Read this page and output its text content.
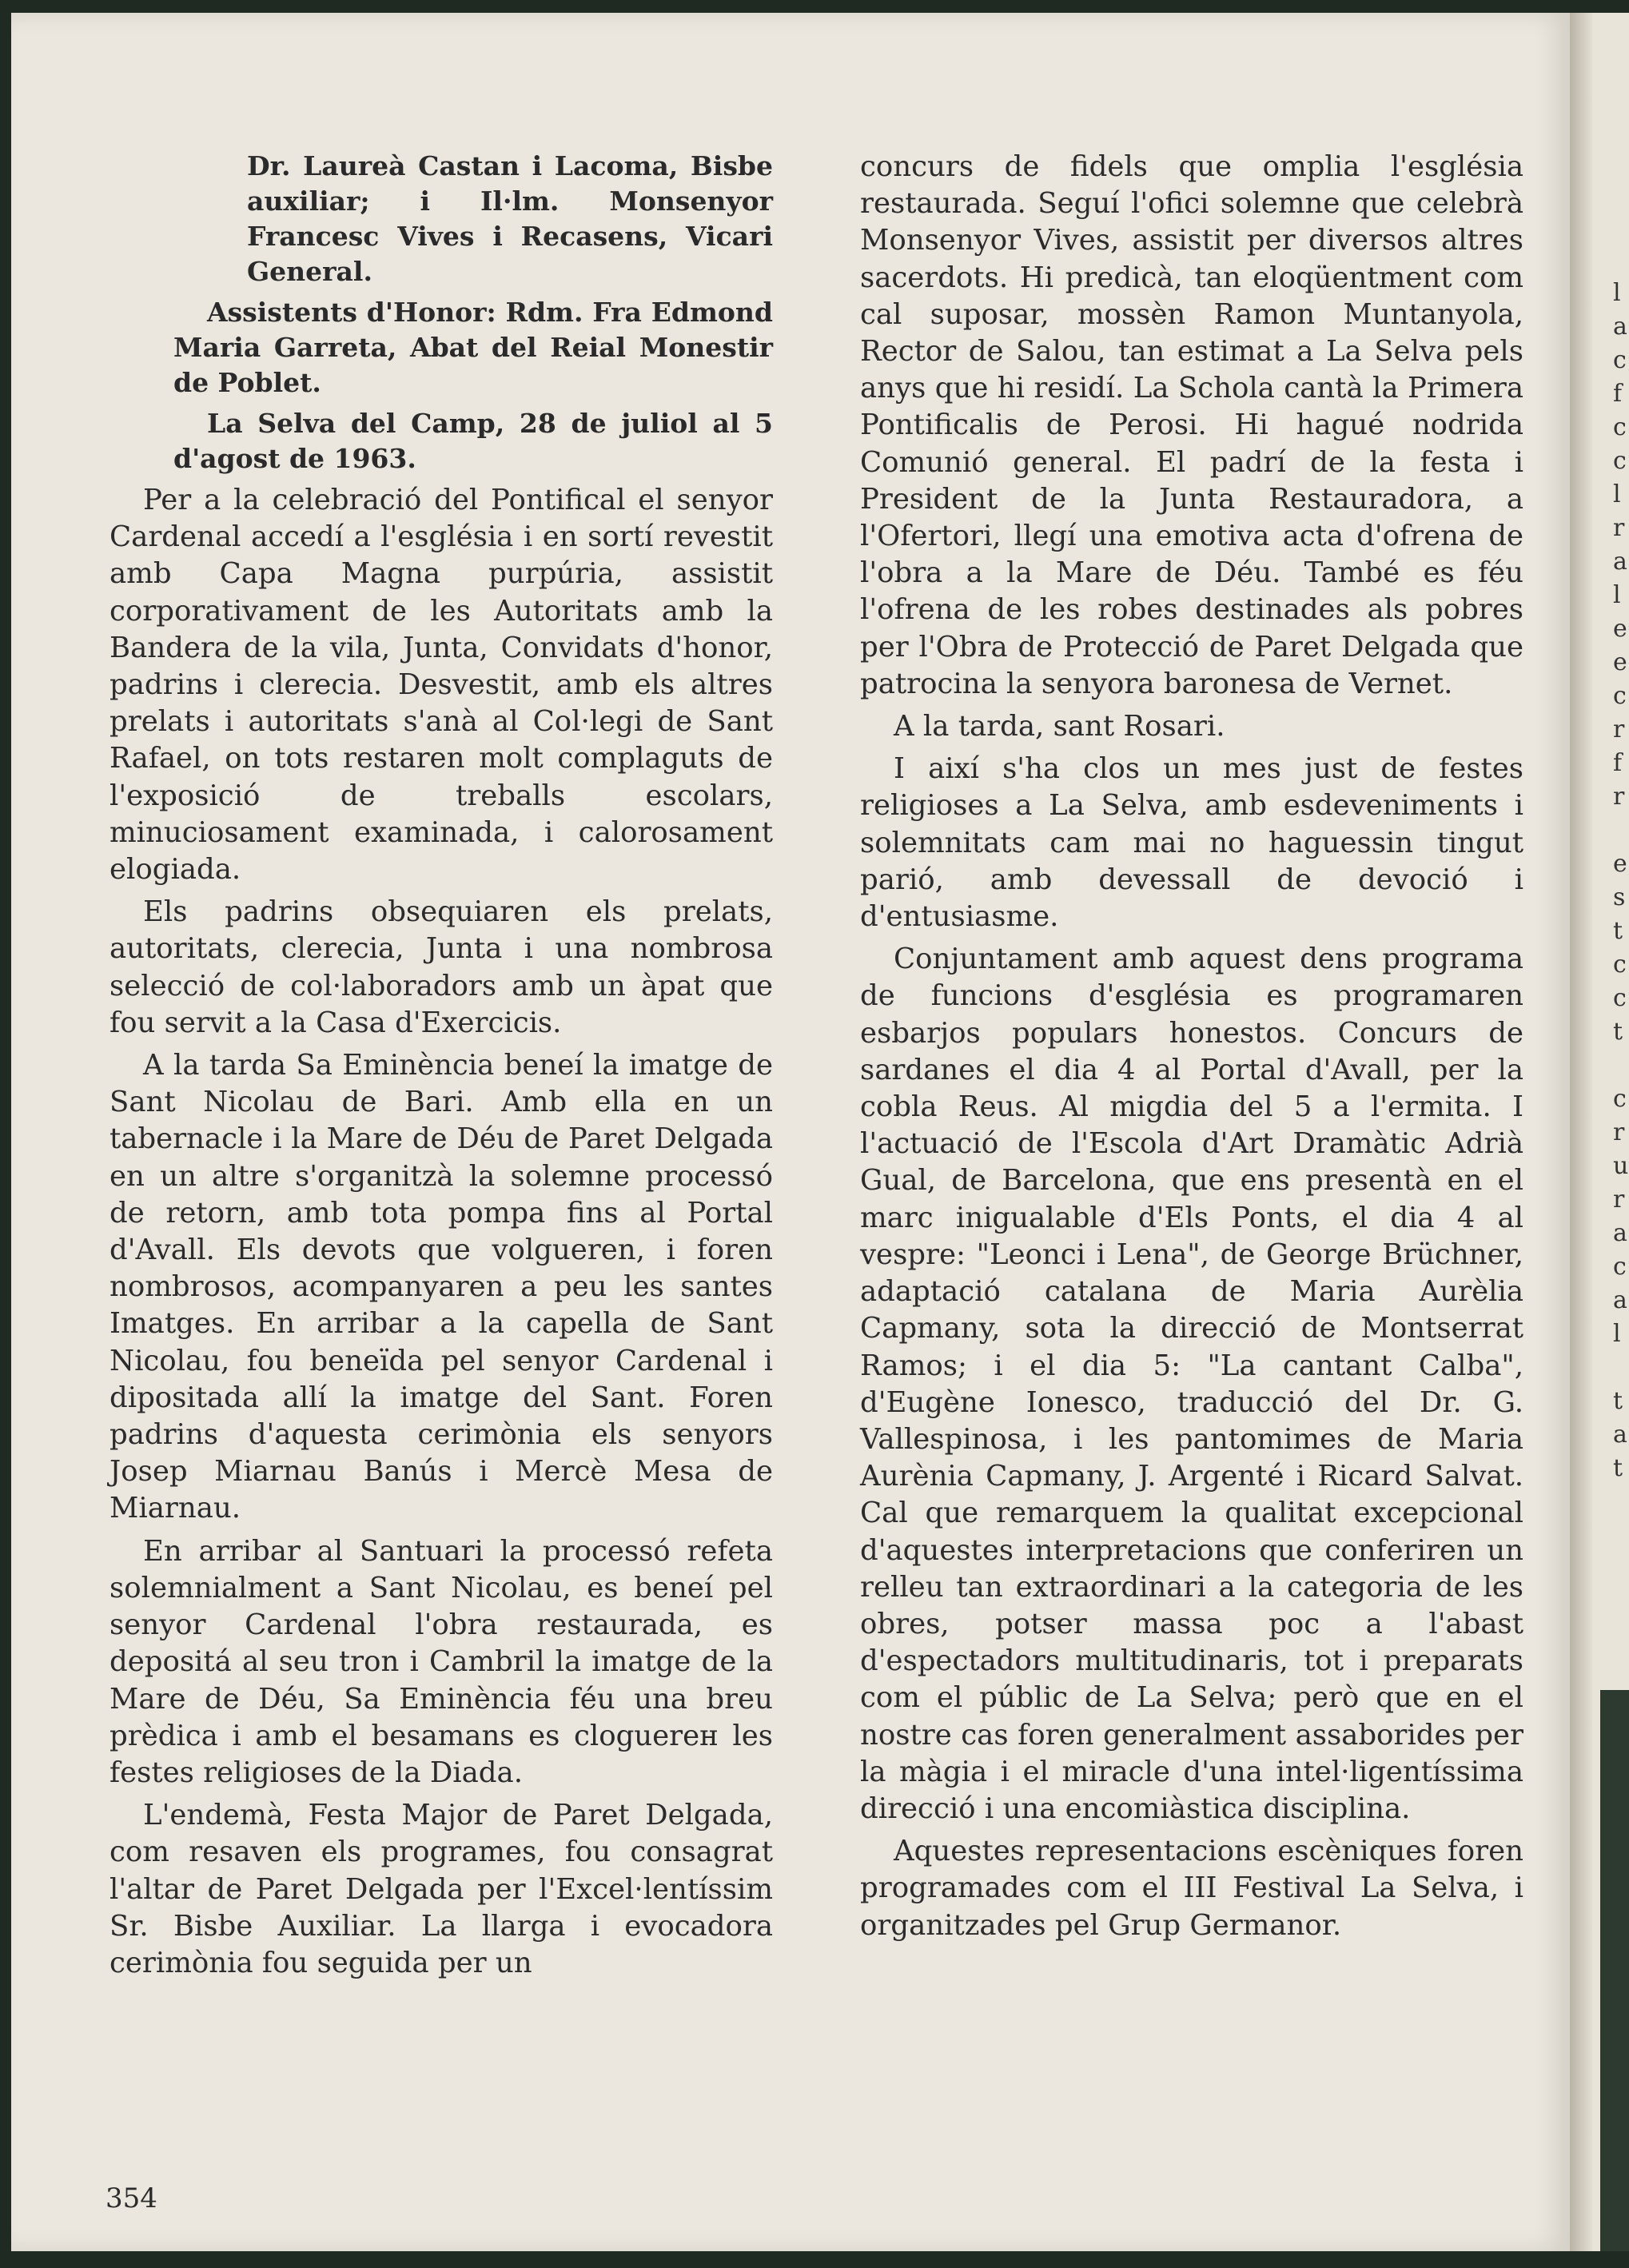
Dr. Laureà Castan i Lacoma, Bisbe auxiliar; i Il·lm. Monsenyor Francesc Vives i Recasens, Vicari General.

Assistents d'Honor: Rdm. Fra Edmond Maria Garreta, Abat del Reial Monestir de Poblet.

La Selva del Camp, 28 de juliol al 5 d'agost de 1963.

Per a la celebració del Pontifical el senyor Cardenal accedí a l'església i en sortí revestit amb Capa Magna purpúria, assistit corporativament de les Autoritats amb la Bandera de la vila, Junta, Convidats d'honor, padrins i clerecia. Desvestit, amb els altres prelats i autoritats s'anà al Col·legi de Sant Rafael, on tots restaren molt complaguts de l'exposició de treballs escolars, minuciosament examinada, i calorosament elogiada.

Els padrins obsequiaren els prelats, autoritats, clerecia, Junta i una nombrosa selecció de col·laboradors amb un àpat que fou servit a la Casa d'Exercicis.

A la tarda Sa Eminència beneí la imatge de Sant Nicolau de Bari. Amb ella en un tabernacle i la Mare de Déu de Paret Delgada en un altre s'organitzà la solemne processó de retorn, amb tota pompa fins al Portal d'Avall. Els devots que volgueren, i foren nombrosos, acompanyaren a peu les santes Imatges. En arribar a la capella de Sant Nicolau, fou beneïda pel senyor Cardenal i dipositada allí la imatge del Sant. Foren padrins d'aquesta cerimònia els senyors Josep Miarnau Banús i Mercè Mesa de Miarnau.

En arribar al Santuari la processó refeta solemnialment a Sant Nicolau, es beneí pel senyor Cardenal l'obra restaurada, es depositá al seu tron i Cambril la imatge de la Mare de Déu, Sa Eminència féu una breu prèdica i amb el besamans es cloguerен les festes religioses de la Diada.

L'endemà, Festa Major de Paret Delgada, com resaven els programes, fou consagrat l'altar de Paret Delgada per l'Excel·lentíssim Sr. Bisbe Auxiliar. La llarga i evocadora cerimònia fou seguida per un

concurs de fidels que omplia l'església restaurada. Seguí l'ofici solemne que celebrà Monsenyor Vives, assistit per diversos altres sacerdots. Hi predicà, tan eloqüentment com cal suposar, mossèn Ramon Muntanyola, Rector de Salou, tan estimat a La Selva pels anys que hi residí. La Schola cantà la Primera Pontificalis de Perosi. Hi hagué nodrida Comunió general. El padrí de la festa i President de la Junta Restauradora, a l'Ofertori, llegí una emotiva acta d'ofrena de l'obra a la Mare de Déu. També es féu l'ofrena de les robes destinades als pobres per l'Obra de Protecció de Paret Delgada que patrocina la senyora baronesa de Vernet.

A la tarda, sant Rosari.

I així s'ha clos un mes just de festes religioses a La Selva, amb esdeveniments i solemnitats cam mai no haguessin tingut parió, amb devessall de devoció i d'entusiasme.

Conjuntament amb aquest dens programa de funcions d'església es programaren esbarjos populars honestos. Concurs de sardanes el dia 4 al Portal d'Avall, per la cobla Reus. Al migdia del 5 a l'ermita. I l'actuació de l'Escola d'Art Dramàtic Adrià Gual, de Barcelona, que ens presentà en el marc inigualable d'Els Ponts, el dia 4 al vespre: "Leonci i Lena", de George Brüchner, adaptació catalana de Maria Aurèlia Capmany, sota la direcció de Montserrat Ramos; i el dia 5: "La cantant Calba", d'Eugène Ionesco, traducció del Dr. G. Vallespinosa, i les pantomimes de Maria Aurènia Capmany, J. Argenté i Ricard Salvat. Cal que remarquem la qualitat excepcional d'aquestes interpretacions que conferiren un relleu tan extraordinari a la categoria de les obres, potser massa poc a l'abast d'espectadors multitudinaris, tot i preparats com el públic de La Selva; però que en el nostre cas foren generalment assaborides per la màgia i el miracle d'una intel·ligentíssima direcció i una encomiàstica disciplina.

Aquestes representacions escèniques foren programades com el III Festival La Selva, i organitzades pel Grup Germanor.

354
l
a
c
f
c
c
l
r
a
l
e
e
c
r
f
r

e
s
t
c
c
t

c
r
u
r
a
c
a
l

t
a
t
